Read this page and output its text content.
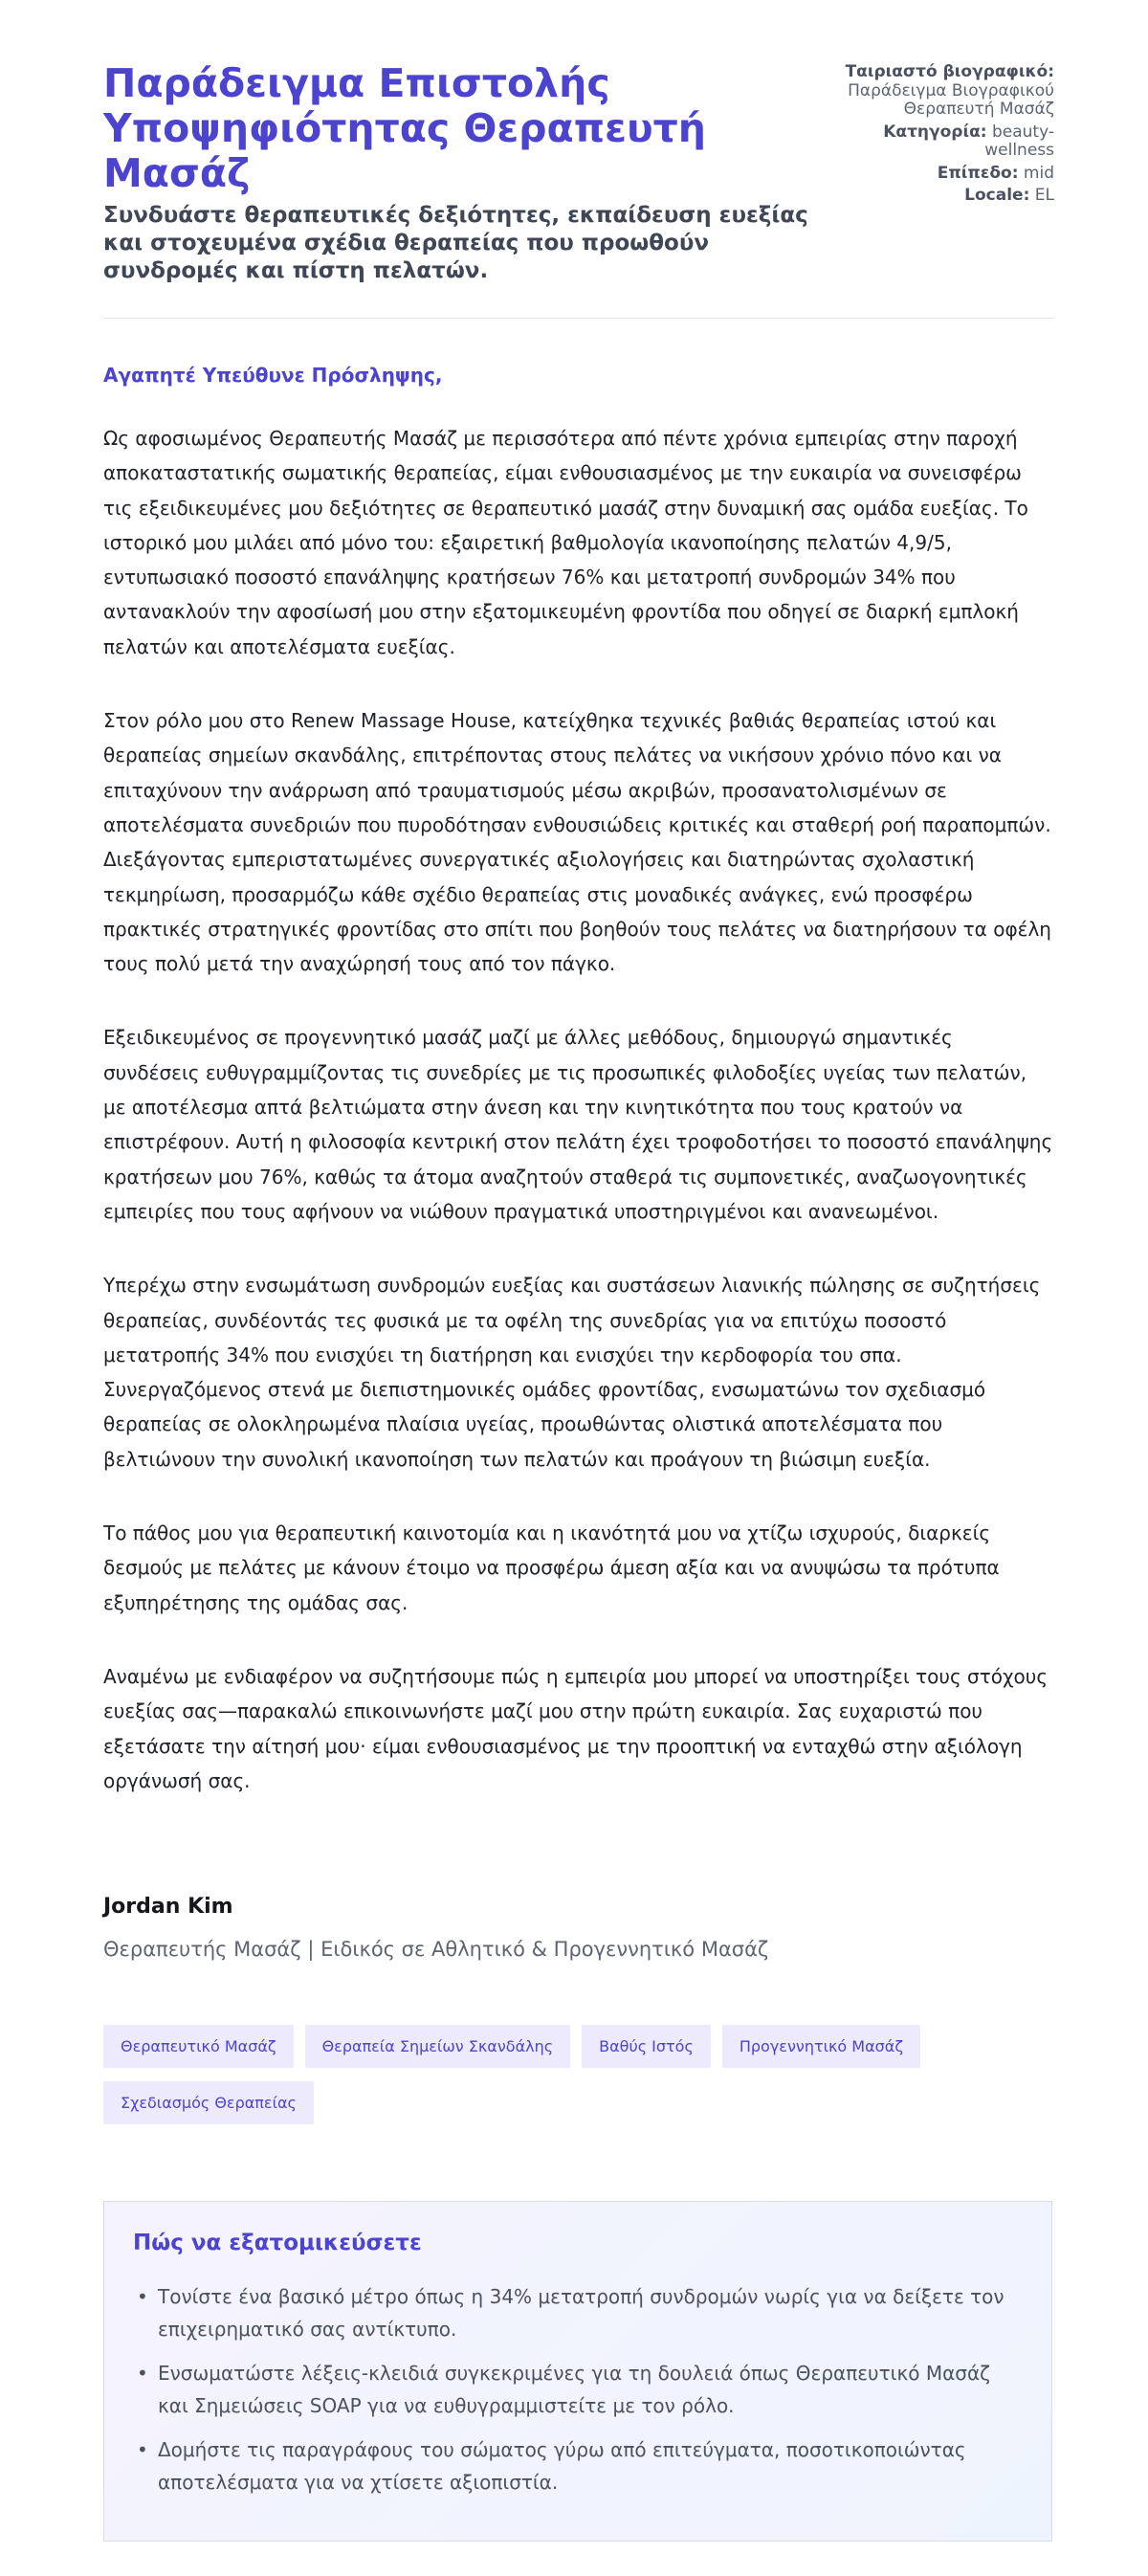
Παράδειγμα Επιστολής Υποψηφιότητας Θεραπευτή Μασάζ

Συνδυάστε θεραπευτικές δεξιότητες, εκπαίδευση ευεξίας και στοχευμένα σχέδια θεραπείας που προωθούν συνδρομές και πίστη πελατών.

Ταιριαστό βιογραφικό:
Παράδειγμα Βιογραφικού Θεραπευτή Μασάζ
Κατηγορία: beauty-wellness
Επίπεδο: mid
Locale: EL

Αγαπητέ Υπεύθυνε Πρόσληψης,

Ως αφοσιωμένος Θεραπευτής Μασάζ με περισσότερα από πέντε χρόνια εμπειρίας στην παροχή αποκαταστατικής σωματικής θεραπείας, είμαι ενθουσιασμένος με την ευκαιρία να συνεισφέρω τις εξειδικευμένες μου δεξιότητες σε θεραπευτικό μασάζ στην δυναμική σας ομάδα ευεξίας. Το ιστορικό μου μιλάει από μόνο του: εξαιρετική βαθμολογία ικανοποίησης πελατών 4,9/5, εντυπωσιακό ποσοστό επανάληψης κρατήσεων 76% και μετατροπή συνδρομών 34% που αντανακλούν την αφοσίωσή μου στην εξατομικευμένη φροντίδα που οδηγεί σε διαρκή εμπλοκή πελατών και αποτελέσματα ευεξίας.

Στον ρόλο μου στο Renew Massage House, κατείχθηκα τεχνικές βαθιάς θεραπείας ιστού και θεραπείας σημείων σκανδάλης, επιτρέποντας στους πελάτες να νικήσουν χρόνιο πόνο και να επιταχύνουν την ανάρρωση από τραυματισμούς μέσω ακριβών, προσανατολισμένων σε αποτελέσματα συνεδριών που πυροδότησαν ενθουσιώδεις κριτικές και σταθερή ροή παραπομπών. Διεξάγοντας εμπεριστατωμένες συνεργατικές αξιολογήσεις και διατηρώντας σχολαστική τεκμηρίωση, προσαρμόζω κάθε σχέδιο θεραπείας στις μοναδικές ανάγκες, ενώ προσφέρω πρακτικές στρατηγικές φροντίδας στο σπίτι που βοηθούν τους πελάτες να διατηρήσουν τα οφέλη τους πολύ μετά την αναχώρησή τους από τον πάγκο.

Εξειδικευμένος σε προγεννητικό μασάζ μαζί με άλλες μεθόδους, δημιουργώ σημαντικές συνδέσεις ευθυγραμμίζοντας τις συνεδρίες με τις προσωπικές φιλοδοξίες υγείας των πελατών, με αποτέλεσμα απτά βελτιώματα στην άνεση και την κινητικότητα που τους κρατούν να επιστρέφουν. Αυτή η φιλοσοφία κεντρική στον πελάτη έχει τροφοδοτήσει το ποσοστό επανάληψης κρατήσεων μου 76%, καθώς τα άτομα αναζητούν σταθερά τις συμπονετικές, αναζωογονητικές εμπειρίες που τους αφήνουν να νιώθουν πραγματικά υποστηριγμένοι και ανανεωμένοι.

Υπερέχω στην ενσωμάτωση συνδρομών ευεξίας και συστάσεων λιανικής πώλησης σε συζητήσεις θεραπείας, συνδέοντάς τες φυσικά με τα οφέλη της συνεδρίας για να επιτύχω ποσοστό μετατροπής 34% που ενισχύει τη διατήρηση και ενισχύει την κερδοφορία του σπα. Συνεργαζόμενος στενά με διεπιστημονικές ομάδες φροντίδας, ενσωματώνω τον σχεδιασμό θεραπείας σε ολοκληρωμένα πλαίσια υγείας, προωθώντας ολιστικά αποτελέσματα που βελτιώνουν την συνολική ικανοποίηση των πελατών και προάγουν τη βιώσιμη ευεξία.

Το πάθος μου για θεραπευτική καινοτομία και η ικανότητά μου να χτίζω ισχυρούς, διαρκείς δεσμούς με πελάτες με κάνουν έτοιμο να προσφέρω άμεση αξία και να ανυψώσω τα πρότυπα εξυπηρέτησης της ομάδας σας.

Αναμένω με ενδιαφέρον να συζητήσουμε πώς η εμπειρία μου μπορεί να υποστηρίξει τους στόχους ευεξίας σας—παρακαλώ επικοινωνήστε μαζί μου στην πρώτη ευκαιρία. Σας ευχαριστώ που εξετάσατε την αίτησή μου· είμαι ενθουσιασμένος με την προοπτική να ενταχθώ στην αξιόλογη οργάνωσή σας.

Jordan Kim
Θεραπευτής Μασάζ | Ειδικός σε Αθλητικό & Προγεννητικό Μασάζ
Θεραπευτικό Μασάζ	Θεραπεία Σημείων Σκανδάλης	Βαθύς Ιστός	Προγεννητικό Μασάζ
Σχεδιασμός Θεραπείας
Πώς να εξατομικεύσετε
• Τονίστε ένα βασικό μέτρο όπως η 34% μετατροπή συνδρομών νωρίς για να δείξετε τον επιχειρηματικό σας αντίκτυπο.
• Ενσωματώστε λέξεις-κλειδιά συγκεκριμένες για τη δουλειά όπως Θεραπευτικό Μασάζ και Σημειώσεις SOAP για να ευθυγραμμιστείτε με τον ρόλο.
• Δομήστε τις παραγράφους του σώματος γύρω από επιτεύγματα, ποσοτικοποιώντας αποτελέσματα για να χτίσετε αξιοπιστία.
